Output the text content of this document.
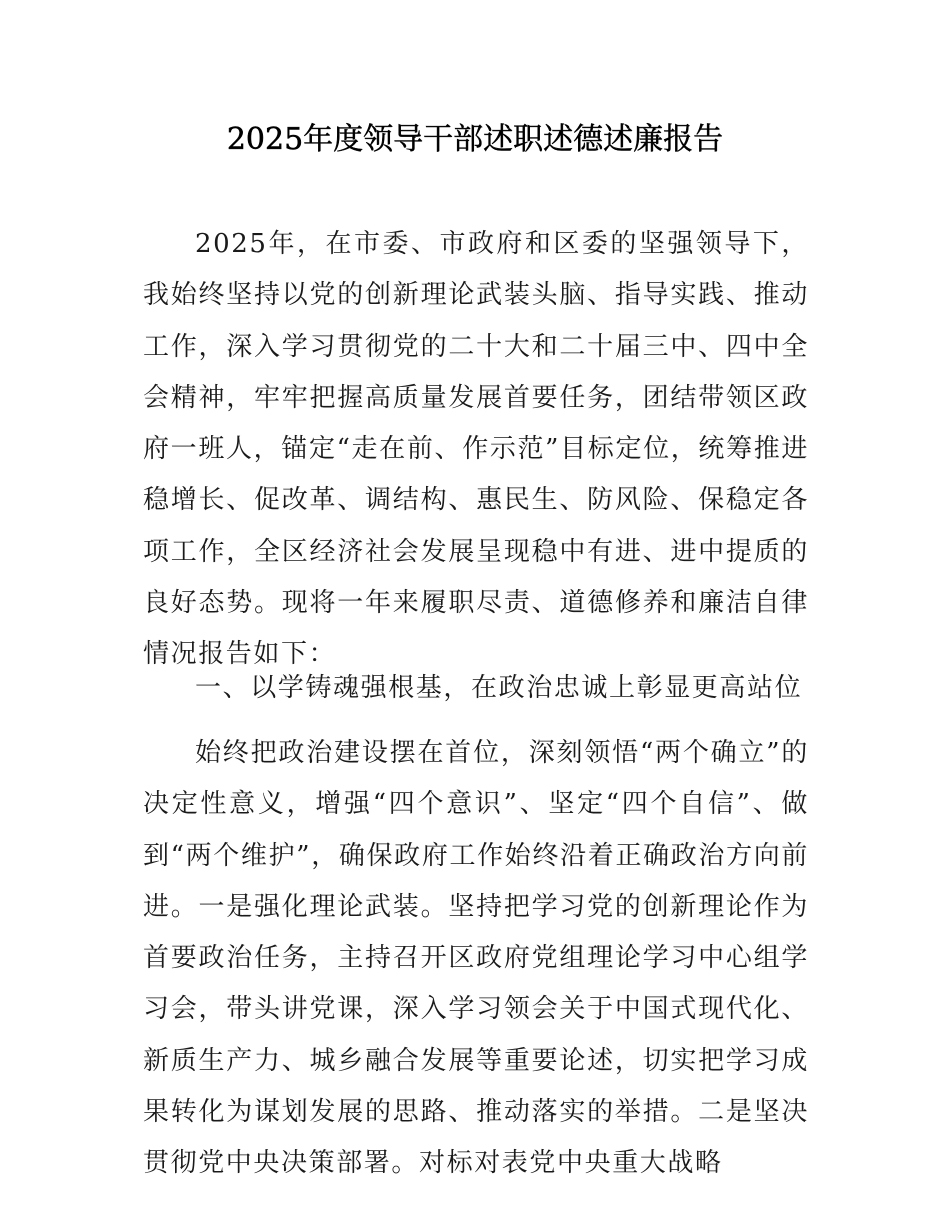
2025年度领导干部述职述德述廉报告

2025年，在市委、市政府和区委的坚强领导下，我始终坚持以党的创新理论武装头脑、指导实践、推动工作，深入学习贯彻党的二十大和二十届三中、四中全会精神，牢牢把握高质量发展首要任务，团结带领区政府一班人，锚定“走在前、作示范”目标定位，统筹推进稳增长、促改革、调结构、惠民生、防风险、保稳定各项工作，全区经济社会发展呈现稳中有进、进中提质的良好态势。现将一年来履职尽责、道德修养和廉洁自律情况报告如下：

一、以学铸魂强根基，在政治忠诚上彰显更高站位

始终把政治建设摆在首位，深刻领悟“两个确立”的决定性意义，增强“四个意识”、坚定“四个自信”、做到“两个维护”，确保政府工作始终沿着正确政治方向前进。一是强化理论武装。坚持把学习党的创新理论作为首要政治任务，主持召开区政府党组理论学习中心组学习会，带头讲党课，深入学习领会关于中国式现代化、新质生产力、城乡融合发展等重要论述，切实把学习成果转化为谋划发展的思路、推动落实的举措。二是坚决贯彻党中央决策部署。对标对表党中央重大战略
